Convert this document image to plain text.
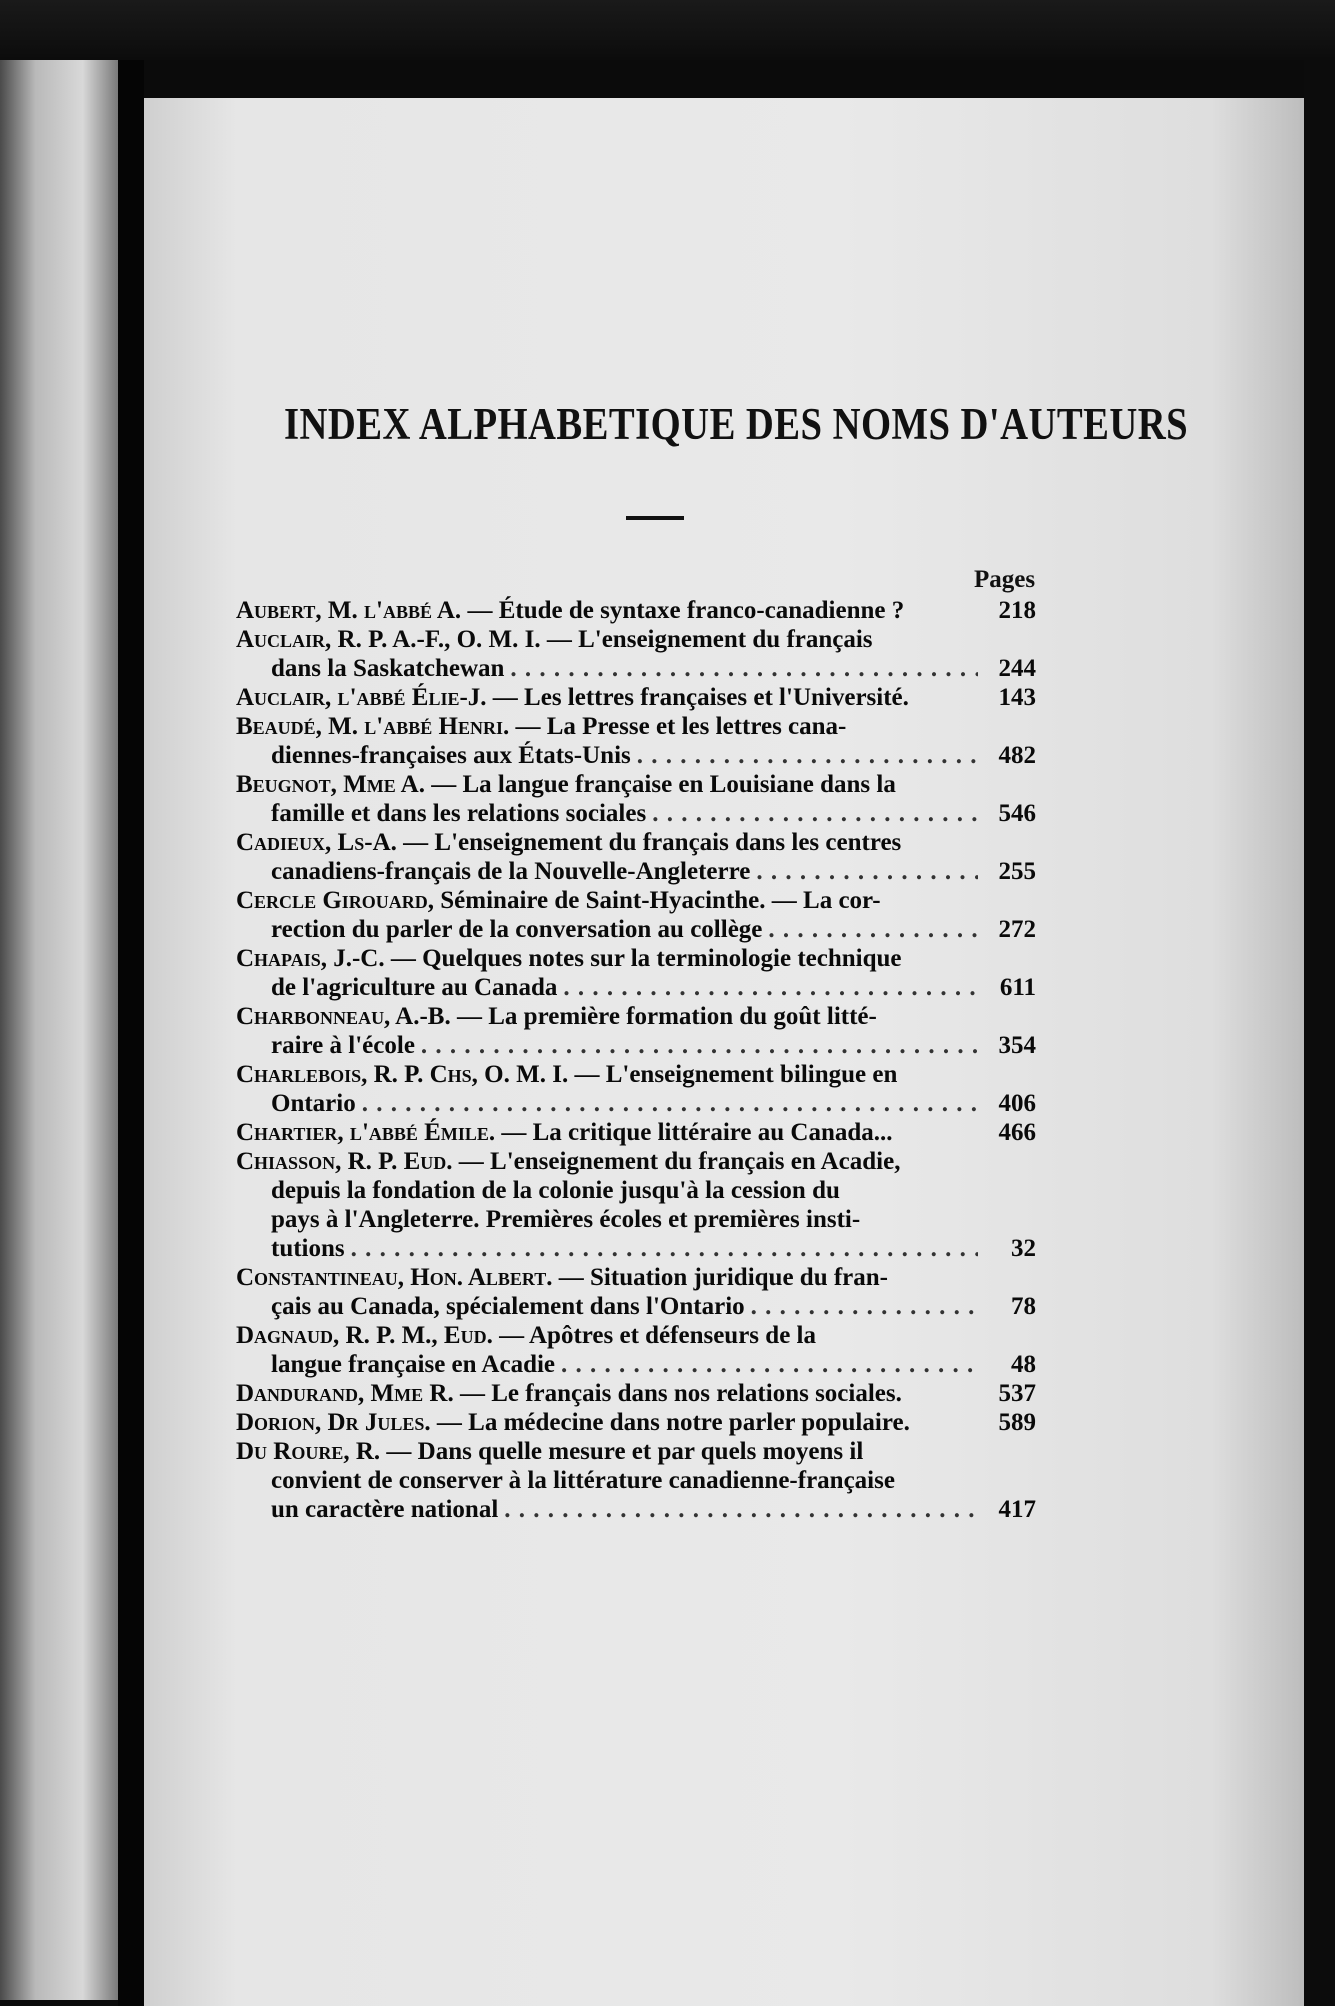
INDEX ALPHABETIQUE DES NOMS D'AUTEURS
Pages
Aubert, M. l'abbé A. — Étude de syntaxe franco-canadienne ?	218
Auclair, R. P. A.-F., O. M. I. — L'enseignement du français
dans la Saskatchewan . . .	244
Auclair, l'abbé Élie-J. — Les lettres françaises et l'Université.	143
Beaudé, M. l'abbé Henri. — La Presse et les lettres cana-
diennes-françaises aux États-Unis . . .	482
Beugnot, Mme A. — La langue française en Louisiane dans la
famille et dans les relations sociales . . .	546
Cadieux, Ls-A. — L'enseignement du français dans les centres
canadiens-français de la Nouvelle-Angleterre . . .	255
Cercle Girouard, Séminaire de Saint-Hyacinthe. — La cor-
rection du parler de la conversation au collège . . .	272
Chapais, J.-C. — Quelques notes sur la terminologie technique
de l'agriculture au Canada . . .	611
Charbonneau, A.-B. — La première formation du goût litté-
raire à l'école . . .	354
Charlebois, R. P. Chs, O. M. I. — L'enseignement bilingue en
Ontario . . .	406
Chartier, l'abbé Émile. — La critique littéraire au Canada...	466
Chiasson, R. P. Eud. — L'enseignement du français en Acadie,
depuis la fondation de la colonie jusqu'à la cession du
pays à l'Angleterre. Premières écoles et premières insti-
tutions . . .	32
Constantineau, Hon. Albert. — Situation juridique du fran-
çais au Canada, spécialement dans l'Ontario . . .	78
Dagnaud, R. P. M., Eud. — Apôtres et défenseurs de la
langue française en Acadie . . .	48
Dandurand, Mme R. — Le français dans nos relations sociales.	537
Dorion, Dr Jules. — La médecine dans notre parler populaire.	589
Du Roure, R. — Dans quelle mesure et par quels moyens il
convient de conserver à la littérature canadienne-française
un caractère national . . .	417
